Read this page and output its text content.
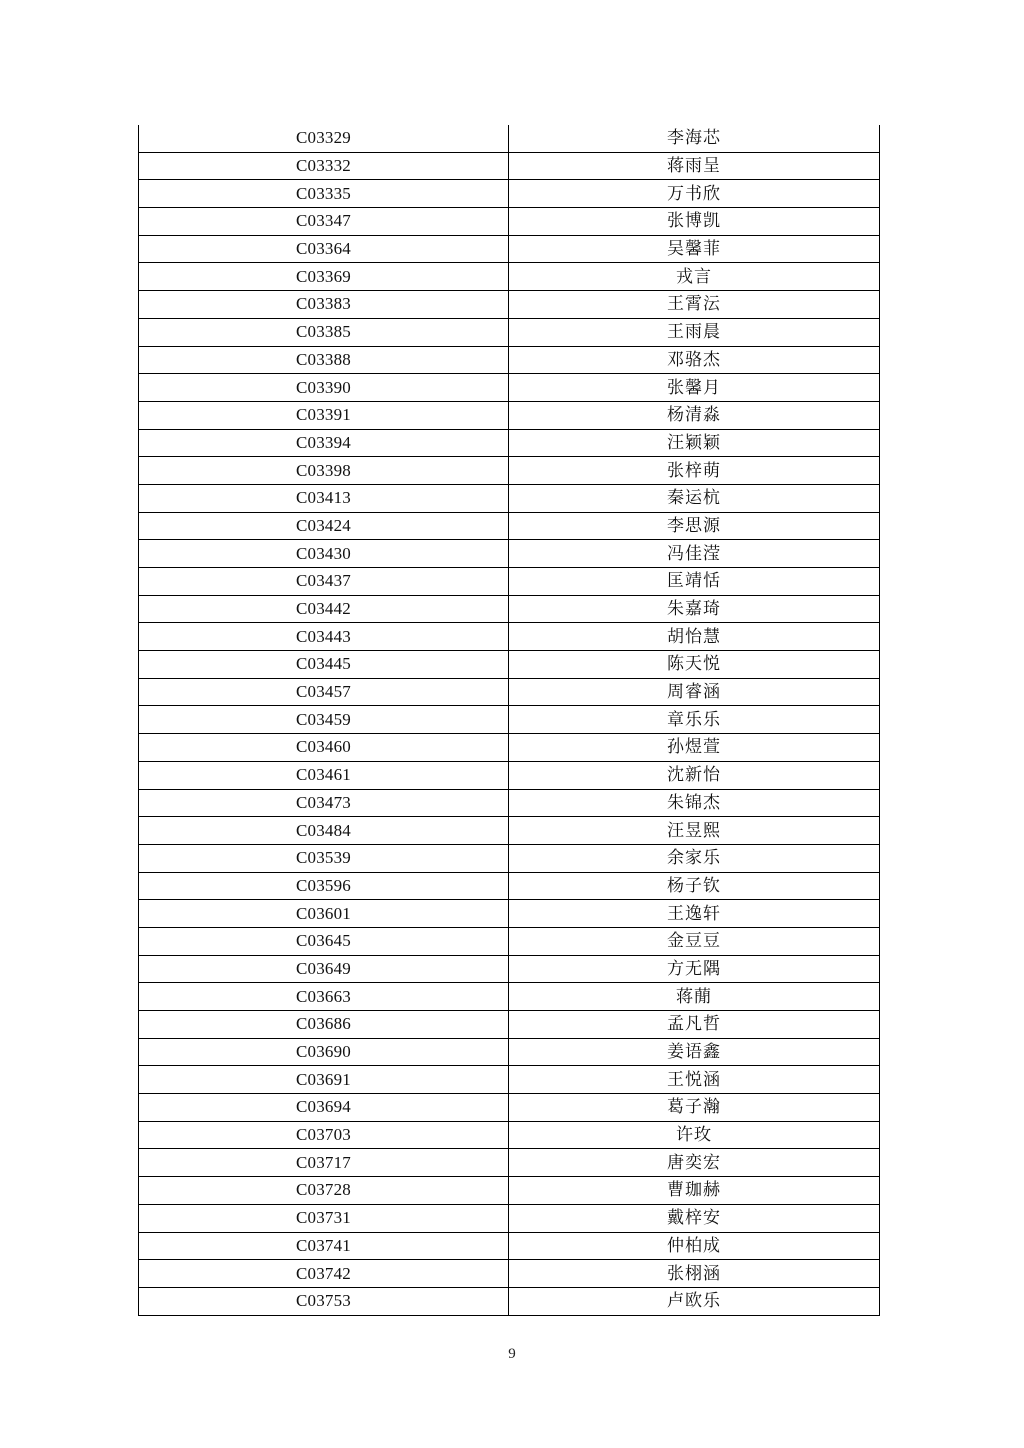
C03329	李海芯
C03332	蒋雨呈
C03335	万书欣
C03347	张博凯
C03364	吴馨菲
C03369	戎言
C03383	王霄沄
C03385	王雨晨
C03388	邓骆杰
C03390	张馨月
C03391	杨清淼
C03394	汪颖颖
C03398	张梓萌
C03413	秦运杭
C03424	李思源
C03430	冯佳滢
C03437	匡靖恬
C03442	朱嘉琦
C03443	胡怡慧
C03445	陈天悦
C03457	周睿涵
C03459	章乐乐
C03460	孙煜萱
C03461	沈新怡
C03473	朱锦杰
C03484	汪昱熙
C03539	余家乐
C03596	杨子钦
C03601	王逸轩
C03645	金豆豆
C03649	方无隅
C03663	蒋蕑
C03686	孟凡哲
C03690	姜语鑫
C03691	王悦涵
C03694	葛子瀚
C03703	许玫
C03717	唐奕宏
C03728	曹珈赫
C03731	戴梓安
C03741	仲柏成
C03742	张栩涵
C03753	卢欧乐
9
